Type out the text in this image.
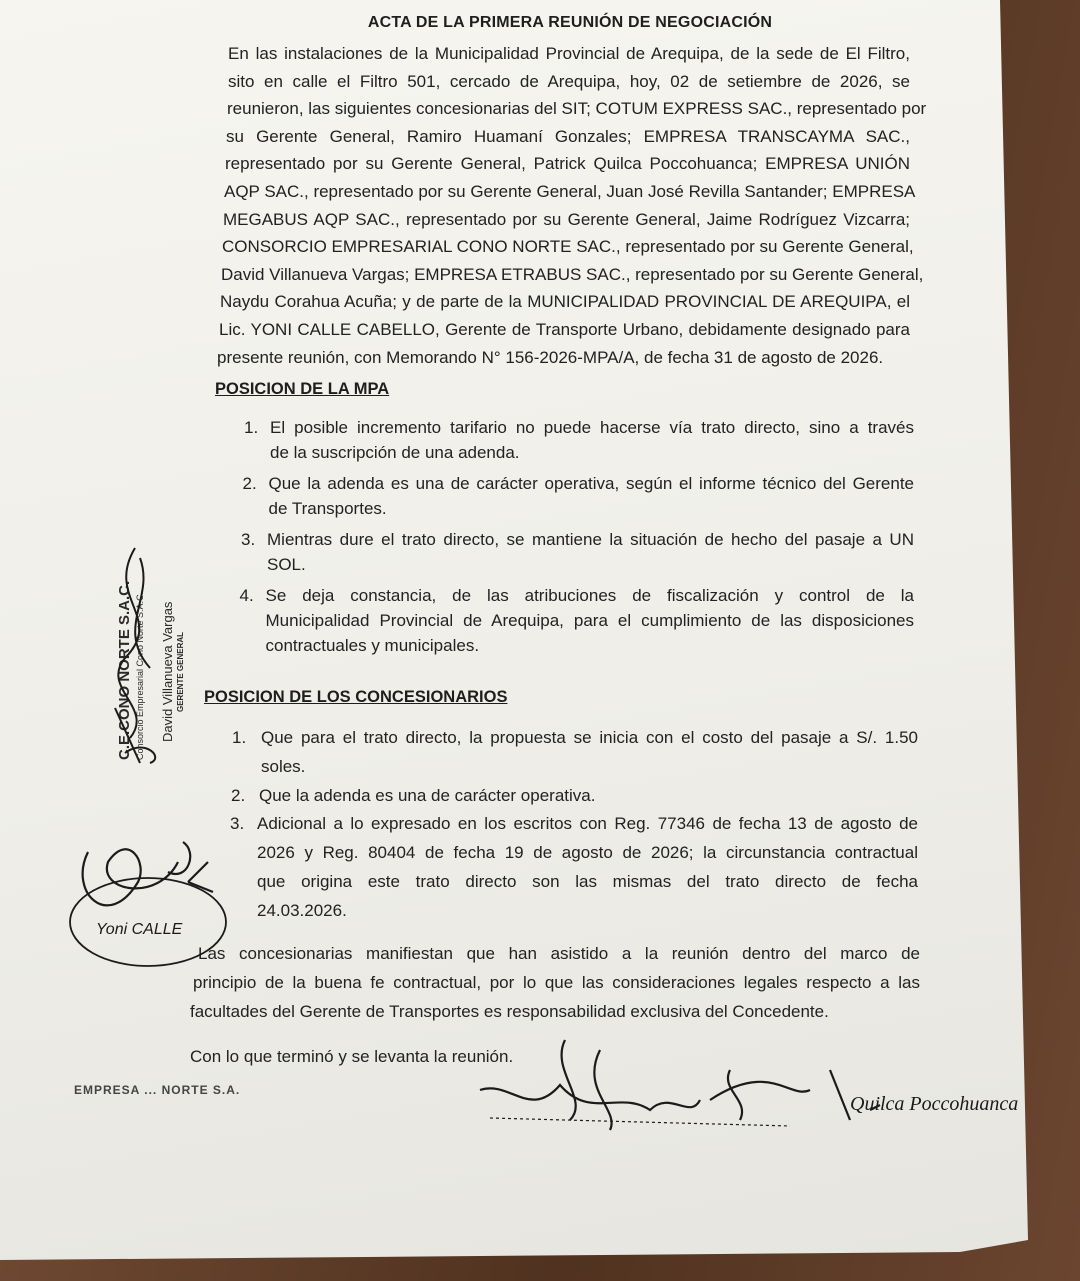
ACTA DE LA PRIMERA REUNIÓN DE NEGOCIACIÓN
En las instalaciones de la Municipalidad Provincial de Arequipa, de la sede de El Filtro,
sito en calle el Filtro 501, cercado de Arequipa, hoy, 02 de setiembre de 2026, se
reunieron, las siguientes concesionarias del SIT; COTUM EXPRESS SAC., representado por
su Gerente General, Ramiro Huamaní Gonzales; EMPRESA TRANSCAYMA SAC.,
representado por su Gerente General, Patrick Quilca Poccohuanca; EMPRESA UNIÓN
AQP SAC., representado por su Gerente General, Juan José Revilla Santander; EMPRESA
MEGABUS AQP SAC., representado por su Gerente General, Jaime Rodríguez Vizcarra;
CONSORCIO EMPRESARIAL CONO NORTE SAC., representado por su Gerente General,
David Villanueva Vargas; EMPRESA ETRABUS SAC., representado por su Gerente General,
Naydu Corahua Acuña; y de parte de la MUNICIPALIDAD PROVINCIAL DE AREQUIPA, el
Lic. YONI CALLE CABELLO, Gerente de Transporte Urbano, debidamente designado para
presente reunión, con Memorando N° 156-2026-MPA/A, de fecha 31 de agosto de 2026.
POSICION DE LA MPA
1. El posible incremento tarifario no puede hacerse vía trato directo, sino a través
de la suscripción de una adenda.
2. Que la adenda es una de carácter operativa, según el informe técnico del Gerente
de Transportes.
3. Mientras dure el trato directo, se mantiene la situación de hecho del pasaje a UN
SOL.
4. Se deja constancia, de las atribuciones de fiscalización y control de la
Municipalidad Provincial de Arequipa, para el cumplimiento de las disposiciones
contractuales y municipales.
POSICION DE LOS CONCESIONARIOS
1. Que para el trato directo, la propuesta se inicia con el costo del pasaje a S/. 1.50
soles.
2. Que la adenda es una de carácter operativa.
3. Adicional a lo expresado en los escritos con Reg. 77346 de fecha 13 de agosto de
2026 y Reg. 80404 de fecha 19 de agosto de 2026; la circunstancia contractual
que origina este trato directo son las mismas del trato directo de fecha
24.03.2026.
Las concesionarias manifiestan que han asistido a la reunión dentro del marco de
principio de la buena fe contractual, por lo que las consideraciones legales respecto a las
facultades del Gerente de Transportes es responsabilidad exclusiva del Concedente.
Con lo que terminó y se levanta la reunión.
C.E.CONO NORTE S.A.C. Consorcio Empresarial Cono Norte S.A.C. David Villanueva Vargas GERENTE GENERAL
EMPRESA ... NORTE S.A.
Yoni CALLE
Quilca Poccohuanca
